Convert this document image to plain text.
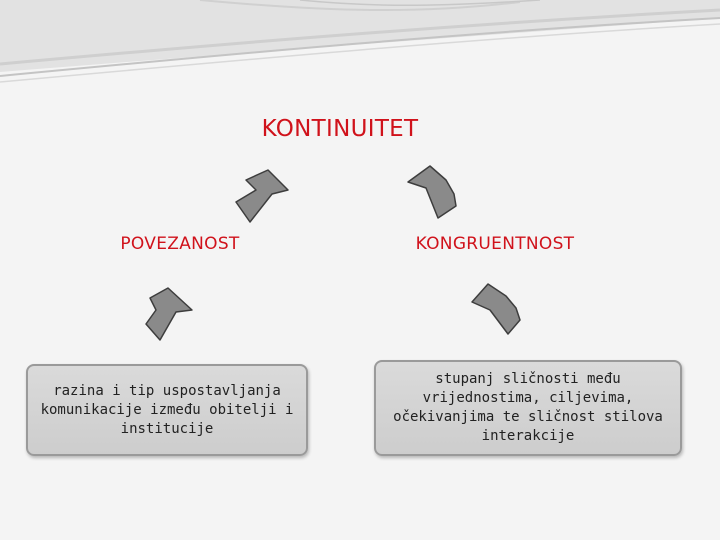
KONTINUITET
POVEZANOST	KONGRUENTNOST
razina i tip uspostavljanja komunikacije između obitelji i institucije
stupanj sličnosti među vrijednostima, ciljevima, očekivanjima te sličnost stilova interakcije
